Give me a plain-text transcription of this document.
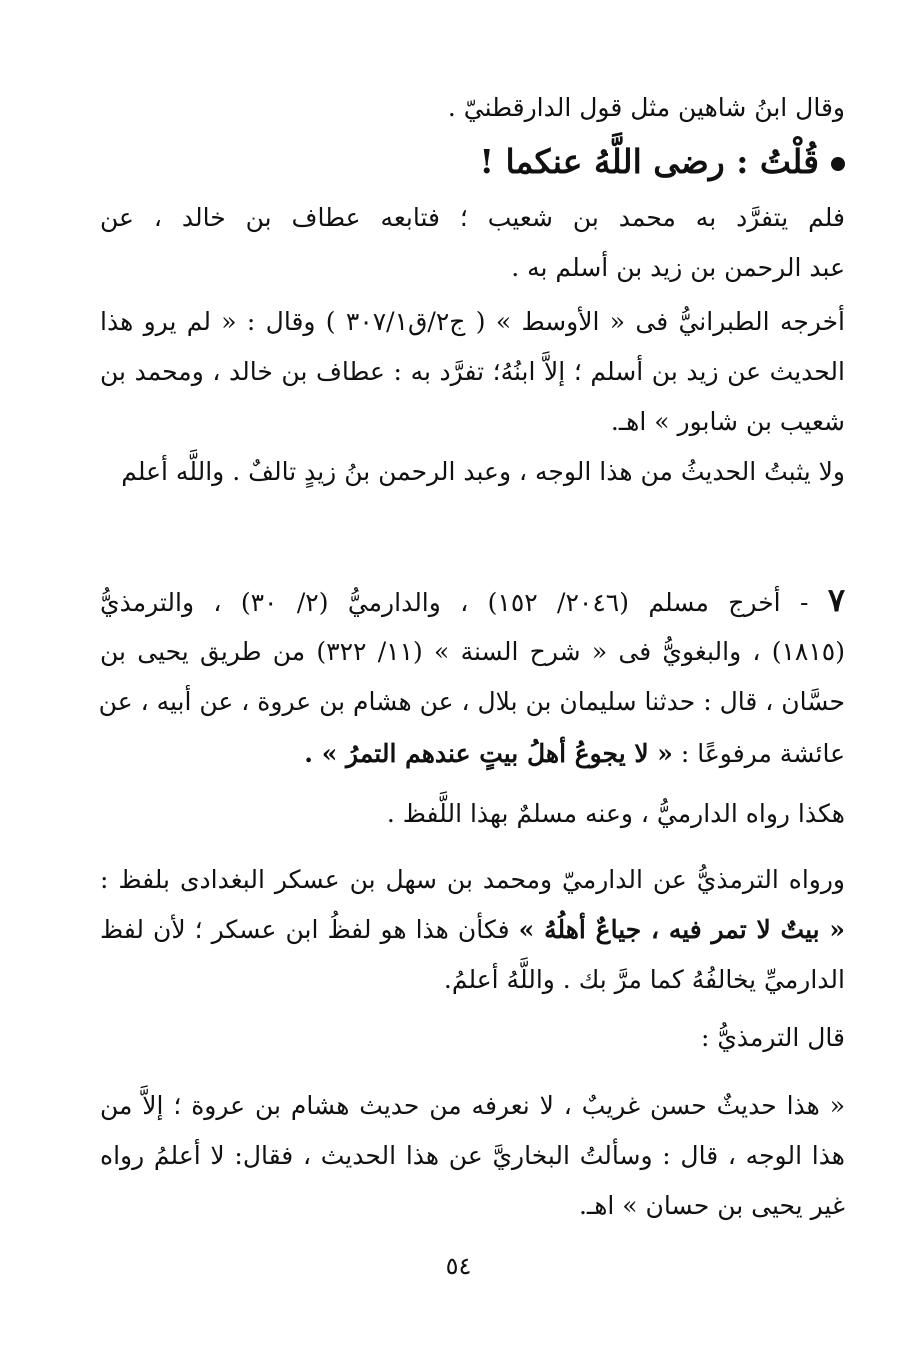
وقال ابنُ شاهين مثل قول الدارقطنيّ .
قُلْتُ : رضى اللَّهُ عنكما !
فلم يتفرَّد به محمد بن شعيب ؛ فتابعه عطاف بن خالد ، عن
عبد الرحمن بن زيد بن أسلم به .
أخرجه الطبرانيُّ فى « الأوسط » ( ج٢/ق٣٠٧/١ ) وقال : « لم يرو هذا
الحديث عن زيد بن أسلم ؛ إلاَّ ابنُهُ؛ تفرَّد به : عطاف بن خالد ، ومحمد بن
شعيب بن شابور » اهـ.
ولا يثبتُ الحديثُ من هذا الوجه ، وعبد الرحمن بنُ زيدٍ تالفٌ . واللَّه أعلم
٧ - أخرج مسلم (٢٠٤٦/ ١٥٢) ، والدارميُّ (٢/ ٣٠) ، والترمذيُّ
(١٨١٥) ، والبغويُّ فى « شرح السنة » (١١/ ٣٢٢) من طريق يحيى بن
حسَّان ، قال : حدثنا سليمان بن بلال ، عن هشام بن عروة ، عن أبيه ، عن
عائشة مرفوعًا : « لا يجوعُ أهلُ بيتٍ عندهم التمرُ » .
هكذا رواه الدارميُّ ، وعنه مسلمٌ بهذا اللَّفظ .
ورواه الترمذيُّ عن الدارميّ ومحمد بن سهل بن عسكر البغدادى بلفظ :
« بيتٌ لا تمر فيه ، جياعٌ أهلُهُ » فكأن هذا هو لفظُ ابن عسكر ؛ لأن لفظ
الدارميِّ يخالفُهُ كما مرَّ بك . واللَّهُ أعلمُ.
قال الترمذيُّ :
« هذا حديثٌ حسن غريبٌ ، لا نعرفه من حديث هشام بن عروة ؛ إلاَّ من
هذا الوجه ، قال : وسألتُ البخاريَّ عن هذا الحديث ، فقال: لا أعلمُ رواه
غير يحيى بن حسان » اهـ.
٥٤
